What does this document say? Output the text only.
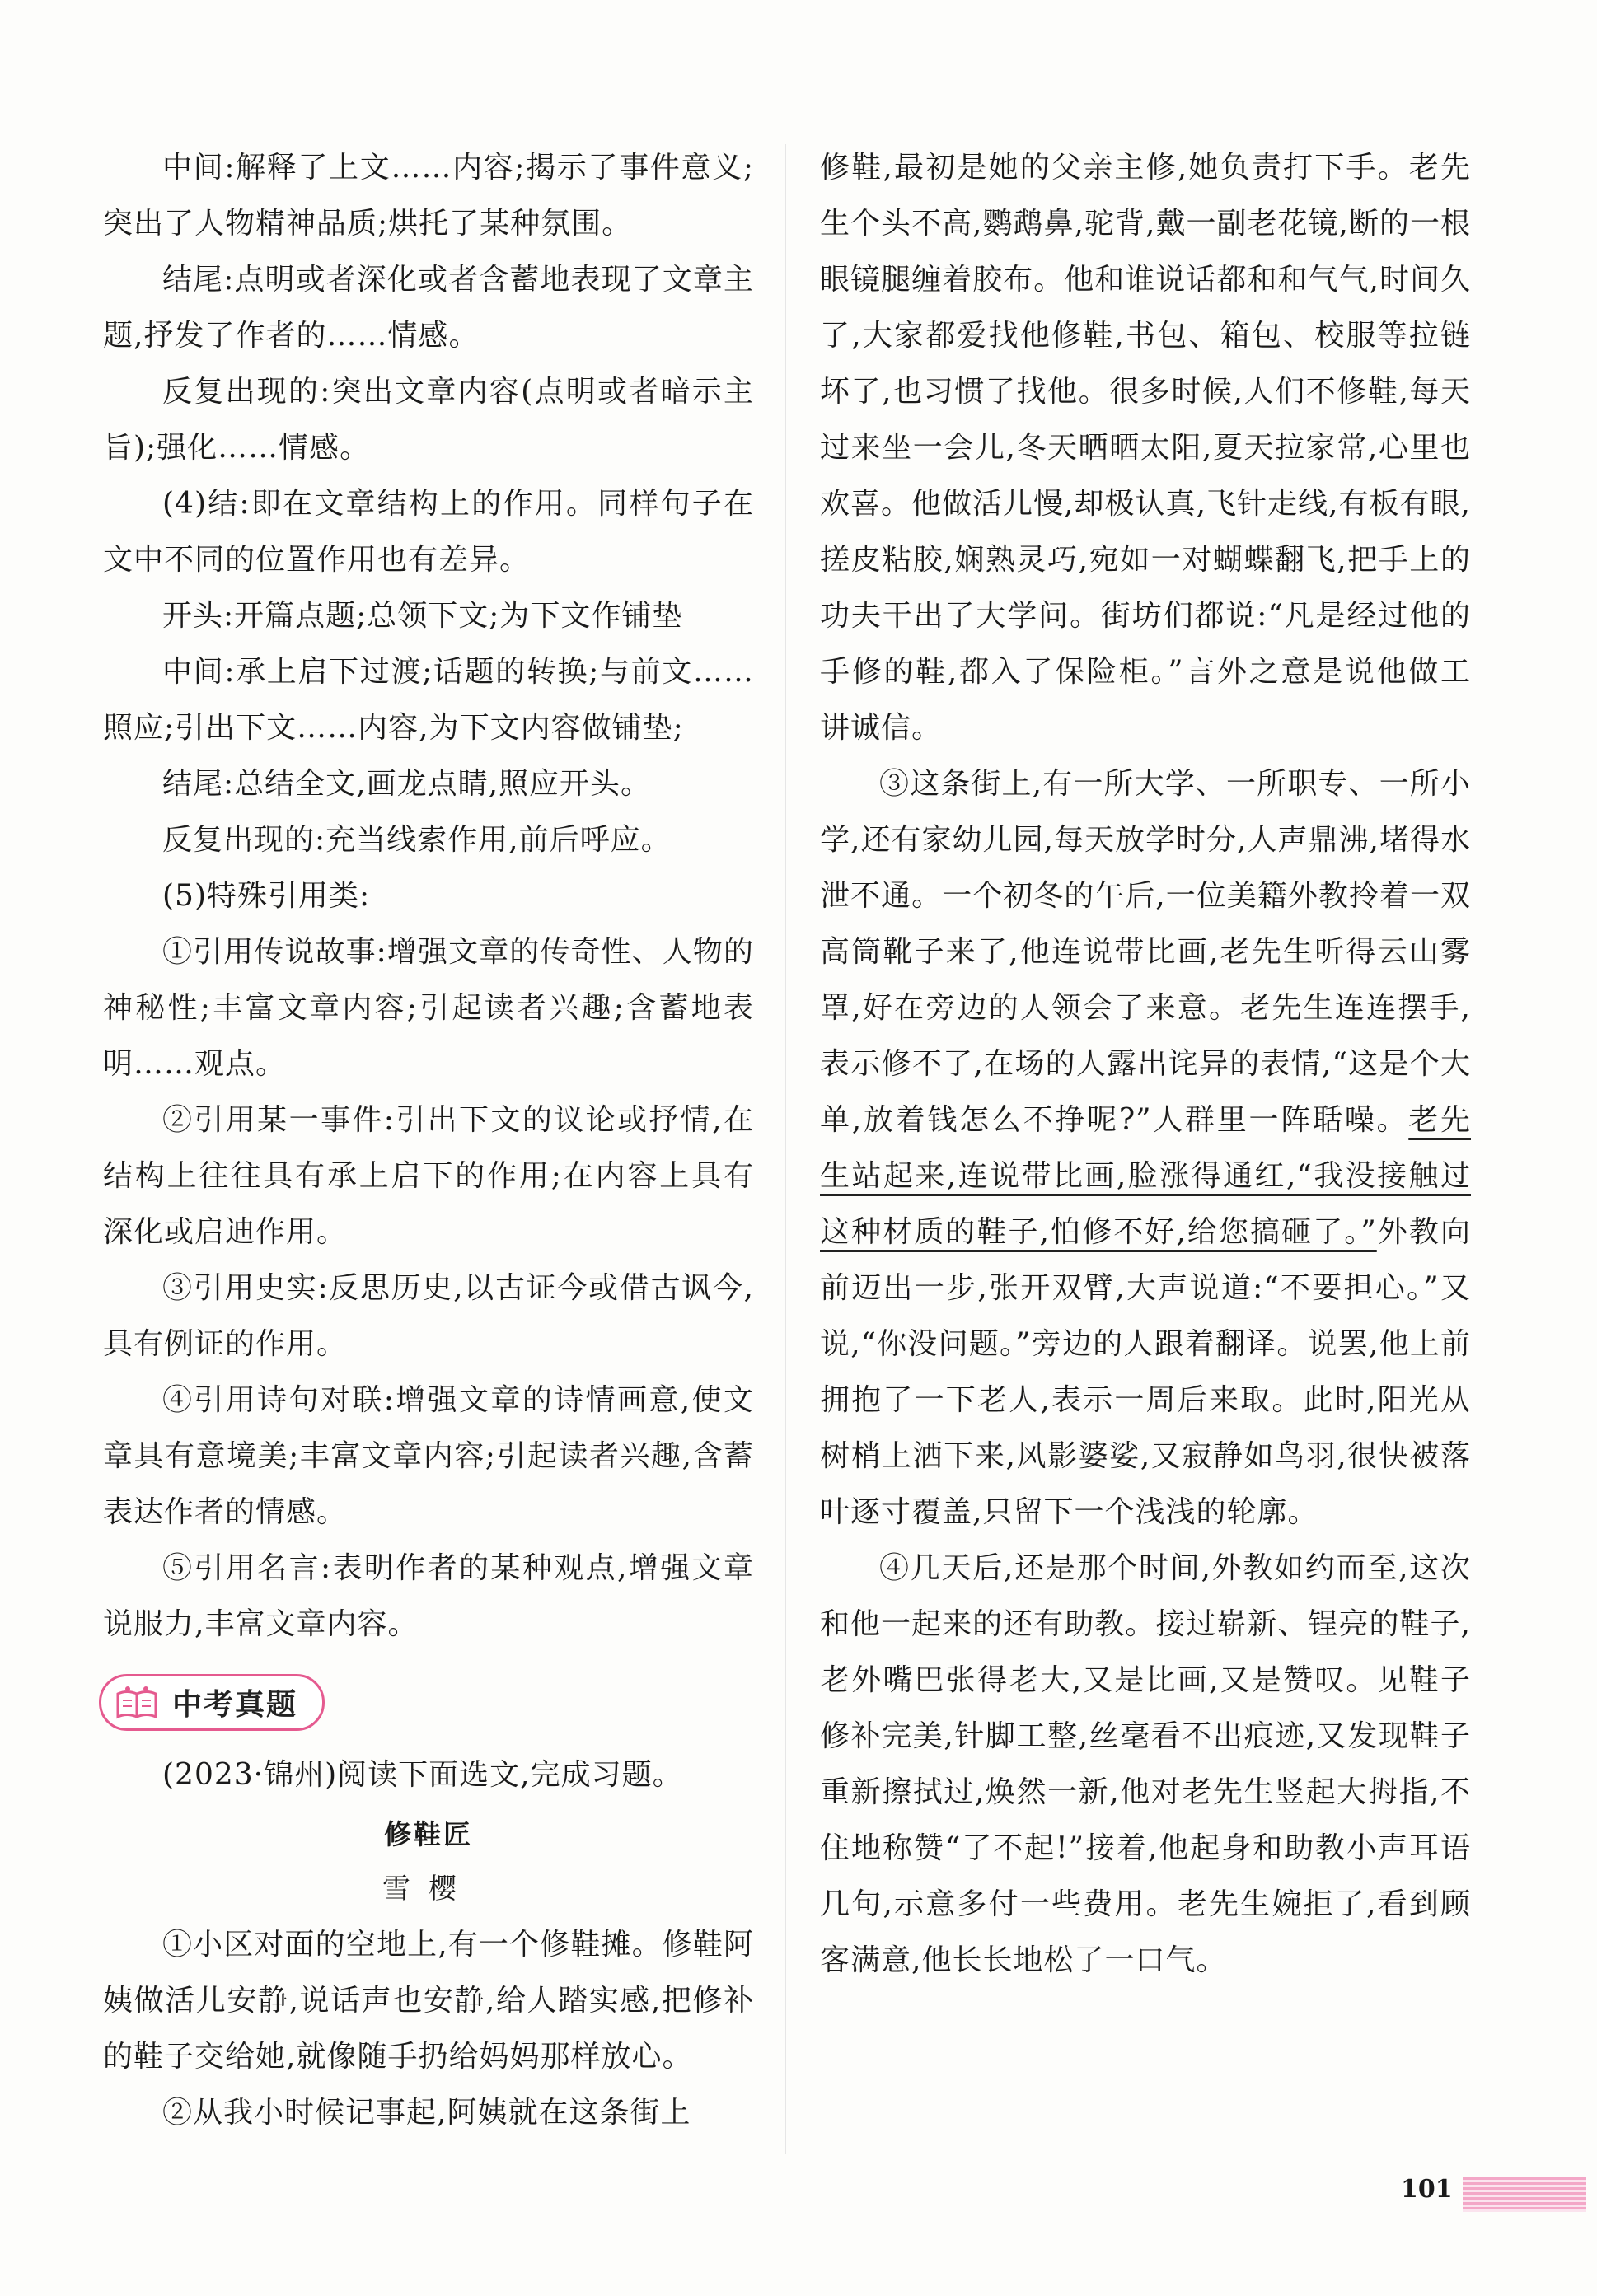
中间:解释了上文……内容;揭示了事件意义;突出了人物精神品质;烘托了某种氛围。

结尾:点明或者深化或者含蓄地表现了文章主题,抒发了作者的……情感。

反复出现的:突出文章内容(点明或者暗示主旨);强化……情感。

(4)结:即在文章结构上的作用。同样句子在文中不同的位置作用也有差异。

开头:开篇点题;总领下文;为下文作铺垫

中间:承上启下过渡;话题的转换;与前文……照应;引出下文……内容,为下文内容做铺垫;

结尾:总结全文,画龙点睛,照应开头。

反复出现的:充当线索作用,前后呼应。

(5)特殊引用类:

①引用传说故事:增强文章的传奇性、人物的神秘性;丰富文章内容;引起读者兴趣;含蓄地表明……观点。

②引用某一事件:引出下文的议论或抒情,在结构上往往具有承上启下的作用;在内容上具有深化或启迪作用。

③引用史实:反思历史,以古证今或借古讽今,具有例证的作用。

④引用诗句对联:增强文章的诗情画意,使文章具有意境美;丰富文章内容;引起读者兴趣,含蓄表达作者的情感。

⑤引用名言:表明作者的某种观点,增强文章说服力,丰富文章内容。

中考真题

(2023·锦州)阅读下面选文,完成习题。

修鞋匠

雪樱

①小区对面的空地上,有一个修鞋摊。修鞋阿姨做活儿安静,说话声也安静,给人踏实感,把修补的鞋子交给她,就像随手扔给妈妈那样放心。

②从我小时候记事起,阿姨就在这条街上

修鞋,最初是她的父亲主修,她负责打下手。老先生个头不高,鹦鹉鼻,驼背,戴一副老花镜,断的一根眼镜腿缠着胶布。他和谁说话都和和气气,时间久了,大家都爱找他修鞋,书包、箱包、校服等拉链坏了,也习惯了找他。很多时候,人们不修鞋,每天过来坐一会儿,冬天晒晒太阳,夏天拉家常,心里也欢喜。他做活儿慢,却极认真,飞针走线,有板有眼,搓皮粘胶,娴熟灵巧,宛如一对蝴蝶翻飞,把手上的功夫干出了大学问。街坊们都说:“凡是经过他的手修的鞋,都入了保险柜。”言外之意是说他做工讲诚信。

③这条街上,有一所大学、一所职专、一所小学,还有家幼儿园,每天放学时分,人声鼎沸,堵得水泄不通。一个初冬的午后,一位美籍外教拎着一双高筒靴子来了,他连说带比画,老先生听得云山雾罩,好在旁边的人领会了来意。老先生连连摆手,表示修不了,在场的人露出诧异的表情,“这是个大单,放着钱怎么不挣呢?”人群里一阵聒噪。老先生站起来,连说带比画,脸涨得通红,“我没接触过这种材质的鞋子,怕修不好,给您搞砸了。”外教向前迈出一步,张开双臂,大声说道:“不要担心。”又说,“你没问题。”旁边的人跟着翻译。说罢,他上前拥抱了一下老人,表示一周后来取。此时,阳光从树梢上洒下来,风影婆娑,又寂静如鸟羽,很快被落叶逐寸覆盖,只留下一个浅浅的轮廓。

④几天后,还是那个时间,外教如约而至,这次和他一起来的还有助教。接过崭新、锃亮的鞋子,老外嘴巴张得老大,又是比画,又是赞叹。见鞋子修补完美,针脚工整,丝毫看不出痕迹,又发现鞋子重新擦拭过,焕然一新,他对老先生竖起大拇指,不住地称赞“了不起!”接着,他起身和助教小声耳语几句,示意多付一些费用。老先生婉拒了,看到顾客满意,他长长地松了一口气。

101
